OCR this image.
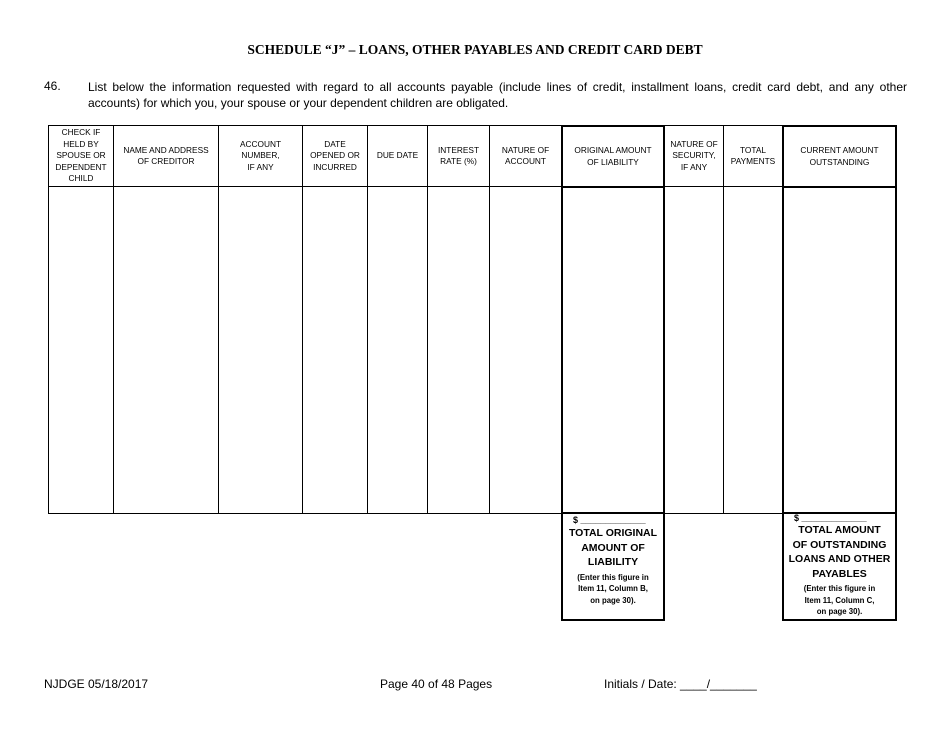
SCHEDULE “J” – LOANS, OTHER PAYABLES AND CREDIT CARD DEBT
46. List below the information requested with regard to all accounts payable (include lines of credit, installment loans, credit card debt, and any other accounts) for which you, your spouse or your dependent children are obligated.
CHECK IF
HELD BY
SPOUSE OR
DEPENDENT
CHILD
NAME AND ADDRESS
OF CREDITOR
ACCOUNT
NUMBER,
IF ANY
DATE
OPENED OR
INCURRED
DUE DATE
INTEREST
RATE (%)
NATURE OF
ACCOUNT
ORIGINAL AMOUNT
OF LIABILITY
NATURE OF
SECURITY,
IF ANY
TOTAL
PAYMENTS
CURRENT AMOUNT
OUTSTANDING
$ _____________
TOTAL ORIGINAL
AMOUNT OF
LIABILITY
(Enter this figure in
Item 11, Column B,
on page 30).
$ _____________
TOTAL AMOUNT
OF OUTSTANDING
LOANS AND OTHER
PAYABLES
(Enter this figure in
Item 11, Column C,
on page 30).
NJDGE 05/18/2017	Page 40 of 48 Pages	Initials / Date: ____/_______
